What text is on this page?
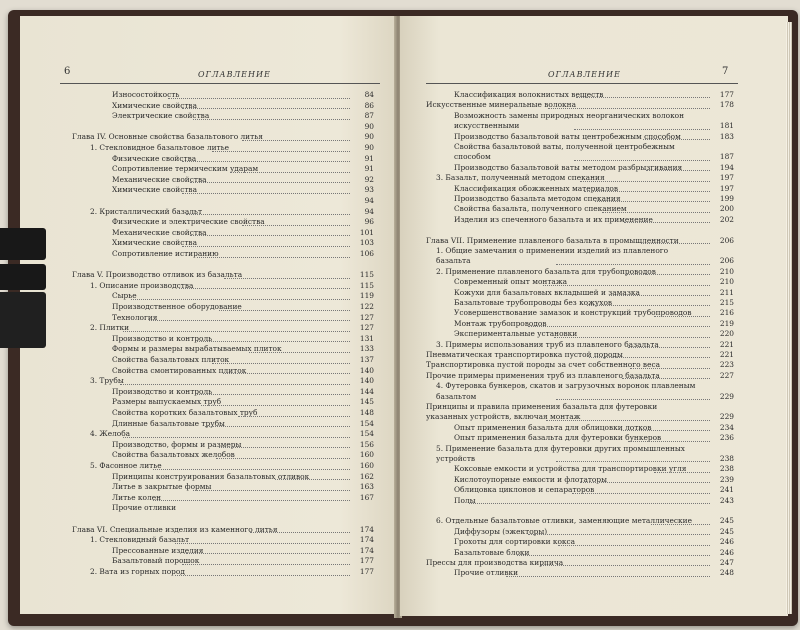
6	ОГЛАВЛЕНИЕ
Износостойкость	84
Химические свойства	86
Электрические свойства	87
90
Глава IV. Основные свойства базальтового литья	90
1. Стекловидное базальтовое литье	90
Физические свойства	91
Сопротивление термическим ударам	91
Механические свойства	92
Химические свойства	93
94
2. Кристаллический базальт	94
Физические и электрические свойства	96
Механические свойства	101
Химические свойства	103
Сопротивление истиранию	106
Глава V. Производство отливок из базальта	115
1. Описание производства	115
Сырье	119
Производственное оборудование	122
Технология	127
2. Плитки	127
Производство и контроль	131
Формы и размеры вырабатываемых плиток	133
Свойства базальтовых плиток	137
Свойства смонтированных плиток	140
3. Трубы	140
Производство и контроль	144
Размеры выпускаемых труб	145
Свойства коротких базальтовых труб	148
Длинные базальтовые трубы	154
4. Желоба	154
Производство, формы и размеры	156
Свойства базальтовых желобов	160
5. Фасонное литье	160
Принципы конструирования базальтовых отливок	162
Литье в закрытые формы	163
Литье колен	167
Прочие отливки
Глава VI. Специальные изделия из каменного литья	174
1. Стекловидный базальт	174
Прессованные изделия	174
Базальтовый порошок	177
2. Вата из горных пород	177
ОГЛАВЛЕНИЕ	7
Классификация волокнистых веществ	177
Искусственные минеральные волокна	178
Возможность замены природных неорганических волокон искусственными	181
Производство базальтовой ваты центробежным способом	183
Свойства базальтовой ваты, полученной центробежным способом	187
Производство базальтовой ваты методом разбрызгивания	194
3. Базальт, полученный методом спекания	197
Классификация обожженных материалов	197
Производство базальта методом спекания	199
Свойства базальта, полученного спеканием	200
Изделия из спеченного базальта и их применение	202
Глава VII. Применение плавленого базальта в промышленности	206
1. Общие замечания о применении изделий из плавленого базальта	206
2. Применение плавленого базальта для трубопроводов	210
Современный опыт монтажа	210
Кожухи для базальтовых вкладышей и замазка	211
Базальтовые трубопроводы без кожухов	215
Усовершенствование замазок и конструкций трубопроводов	216
Монтаж трубопроводов	219
Экспериментальные установки	220
3. Примеры использования труб из плавленого базальта	221
Пневматическая транспортировка пустой породы	221
Транспортировка пустой породы за счет собственного веса	223
Прочие примеры применения труб из плавленого базальта	227
4. Футеровка бункеров, скатов и загрузочных воронок плавленым базальтом	229
Принципы и правила применения базальта для футеровки указанных устройств, включая монтаж	229
Опыт применения базальта для облицовки лотков	234
Опыт применения базальта для футеровки бункеров	236
5. Применение базальта для футеровки других промышленных устройств	238
Коксовые емкости и устройства для транспортировки угля	238
Кислотоупорные емкости и флотаторы	239
Облицовка циклонов и сепараторов	241
Полы	243
6. Отдельные базальтовые отливки, заменяющие металлические	245
Диффузоры (эжекторы)	245
Грохоты для сортировки кокса	246
Базальтовые блоки	246
Прессы для производства кирпича	247
Прочие отливки	248
